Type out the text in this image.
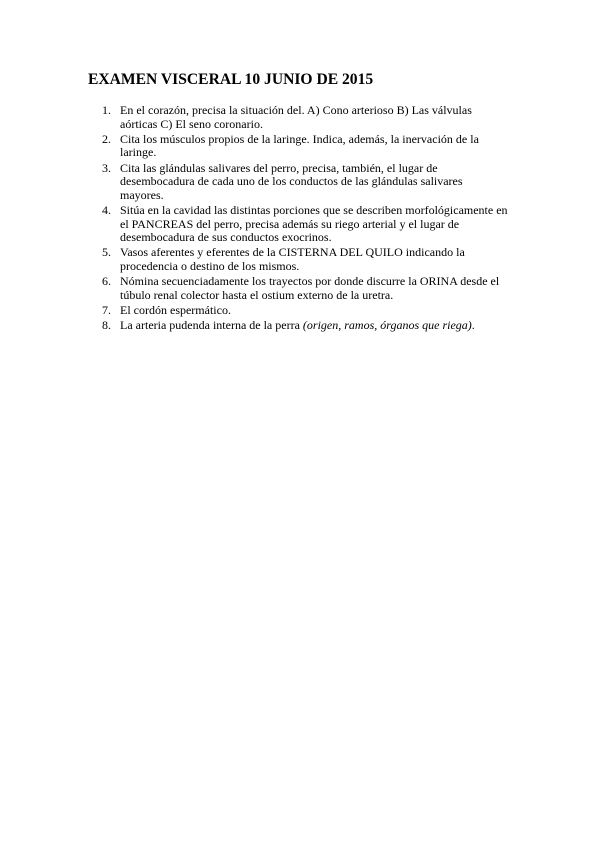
EXAMEN VISCERAL 10 JUNIO DE 2015
1. En el corazón, precisa la situación del. A) Cono arterioso B) Las válvulas
aórticas C) El seno coronario.
2. Cita los músculos propios de la laringe. Indica, además, la inervación de la
laringe.
3. Cita las glándulas salivares del perro, precisa, también, el lugar de
desembocadura de cada uno de los conductos de las glándulas salivares
mayores.
4. Sitúa en la cavidad las distintas porciones que se describen morfológicamente en
el PANCREAS del perro, precisa además su riego arterial y el lugar de
desembocadura de sus conductos exocrinos.
5. Vasos aferentes y eferentes de la CISTERNA DEL QUILO indicando la
procedencia o destino de los mismos.
6. Nómina secuenciadamente los trayectos por donde discurre la ORINA desde el
túbulo renal colector hasta el ostium externo de la uretra.
7. El cordón espermático.
8. La arteria pudenda interna de la perra (origen, ramos, órganos que riega).
